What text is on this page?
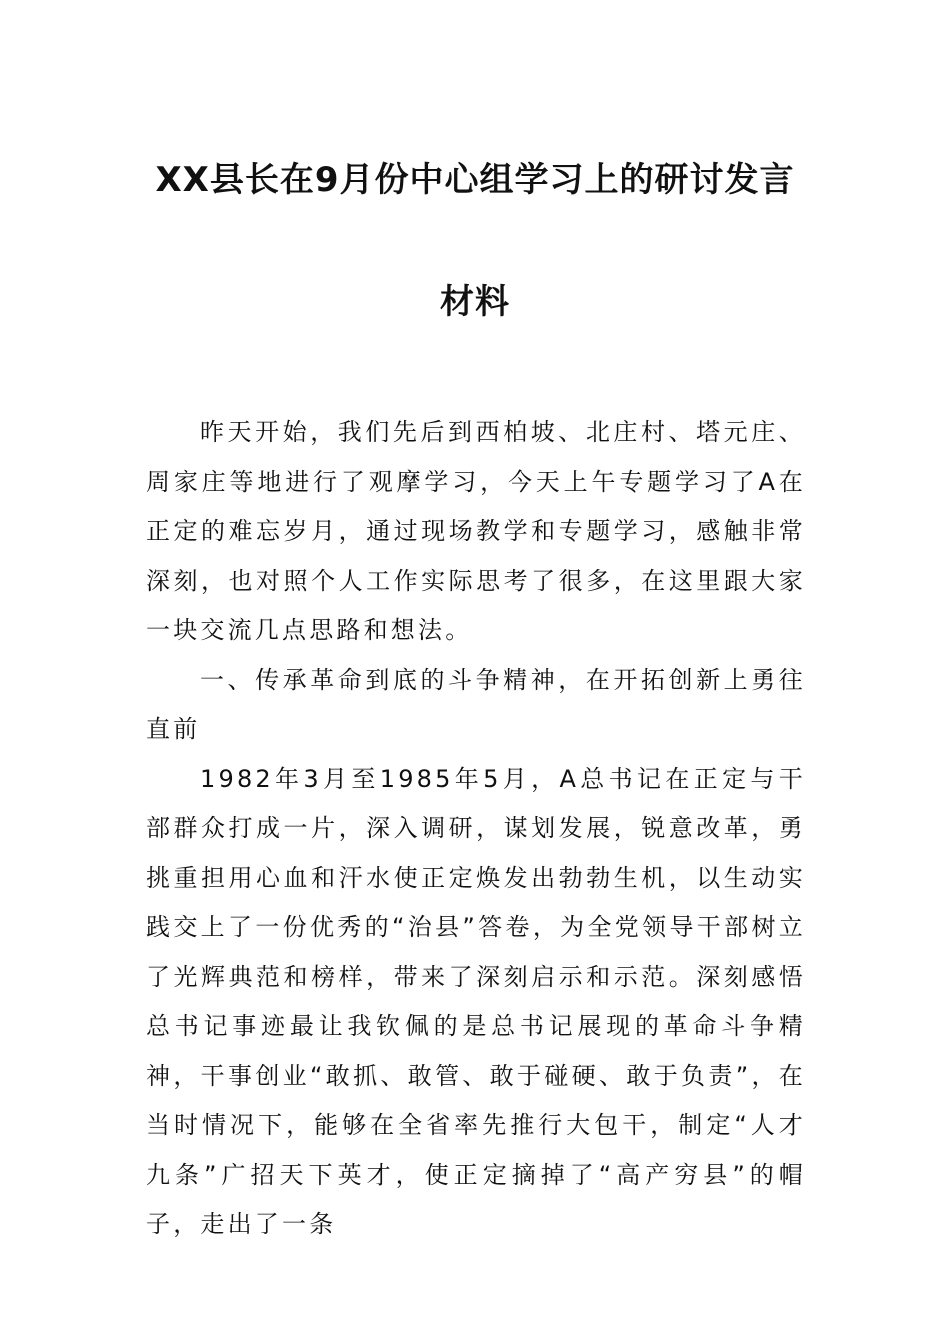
XX县长在9月份中心组学习上的研讨发言
材料

昨天开始，我们先后到西柏坡、北庄村、塔元庄、周家庄等地进行了观摩学习，今天上午专题学习了A在正定的难忘岁月，通过现场教学和专题学习，感触非常深刻，也对照个人工作实际思考了很多，在这里跟大家一块交流几点思路和想法。

一、传承革命到底的斗争精神，在开拓创新上勇往直前

1982年3月至1985年5月，A总书记在正定与干部群众打成一片，深入调研，谋划发展，锐意改革，勇挑重担用心血和汗水使正定焕发出勃勃生机，以生动实践交上了一份优秀的“治县”答卷，为全党领导干部树立了光辉典范和榜样，带来了深刻启示和示范。深刻感悟总书记事迹最让我钦佩的是总书记展现的革命斗争精神，干事创业“敢抓、敢管、敢于碰硬、敢于负责”，在当时情况下，能够在全省率先推行大包干，制定“人才九条”广招天下英才，使正定摘掉了“高产穷县”的帽子，走出了一条
